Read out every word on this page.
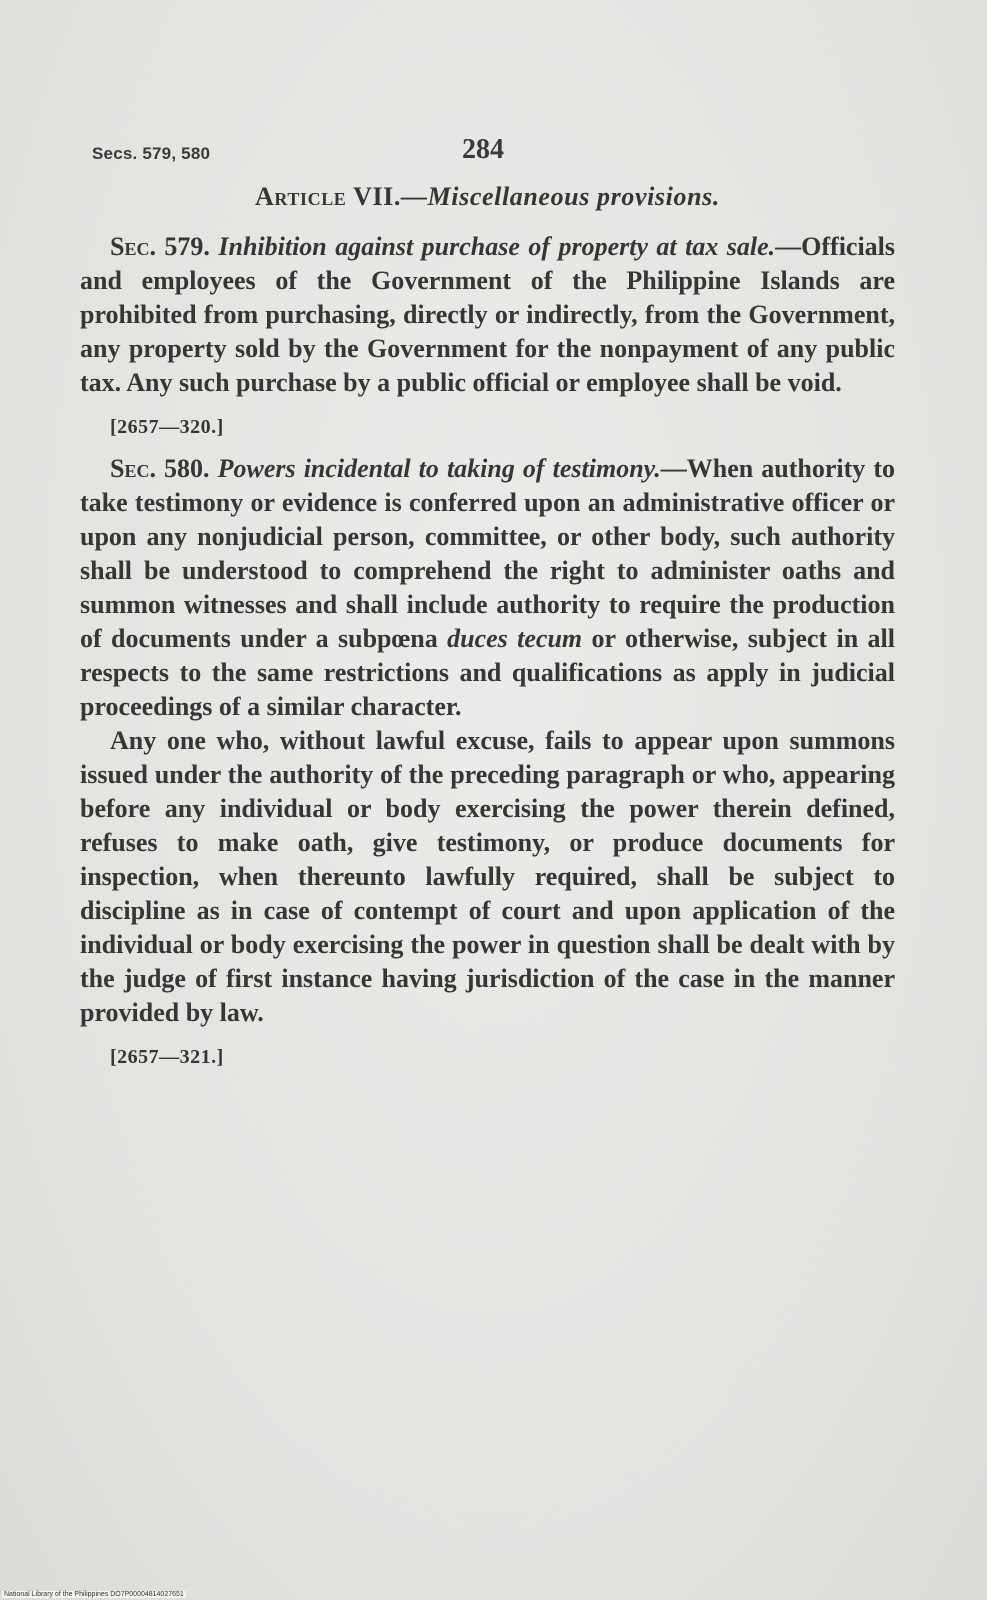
Secs. 579, 580	284
Article VII.—Miscellaneous provisions.

Sec. 579. Inhibition against purchase of property at tax sale.—Officials and employees of the Government of the Philippine Islands are prohibited from purchasing, directly or indirectly, from the Government, any property sold by the Government for the nonpayment of any public tax. Any such purchase by a public official or employee shall be void.

[2657—320.]

Sec. 580. Powers incidental to taking of testimony.—When authority to take testimony or evidence is conferred upon an administrative officer or upon any nonjudicial person, committee, or other body, such authority shall be understood to comprehend the right to administer oaths and summon witnesses and shall include authority to require the production of documents under a subpœna duces tecum or otherwise, subject in all respects to the same restrictions and qualifications as apply in judicial proceedings of a similar character.

Any one who, without lawful excuse, fails to appear upon summons issued under the authority of the preceding paragraph or who, appearing before any individual or body exercising the power therein defined, refuses to make oath, give testimony, or produce documents for inspection, when thereunto lawfully required, shall be subject to discipline as in case of contempt of court and upon application of the individual or body exercising the power in question shall be dealt with by the judge of first instance having jurisdiction of the case in the manner provided by law.

[2657—321.]

National Library of the Philippines DO7P00004814027651
